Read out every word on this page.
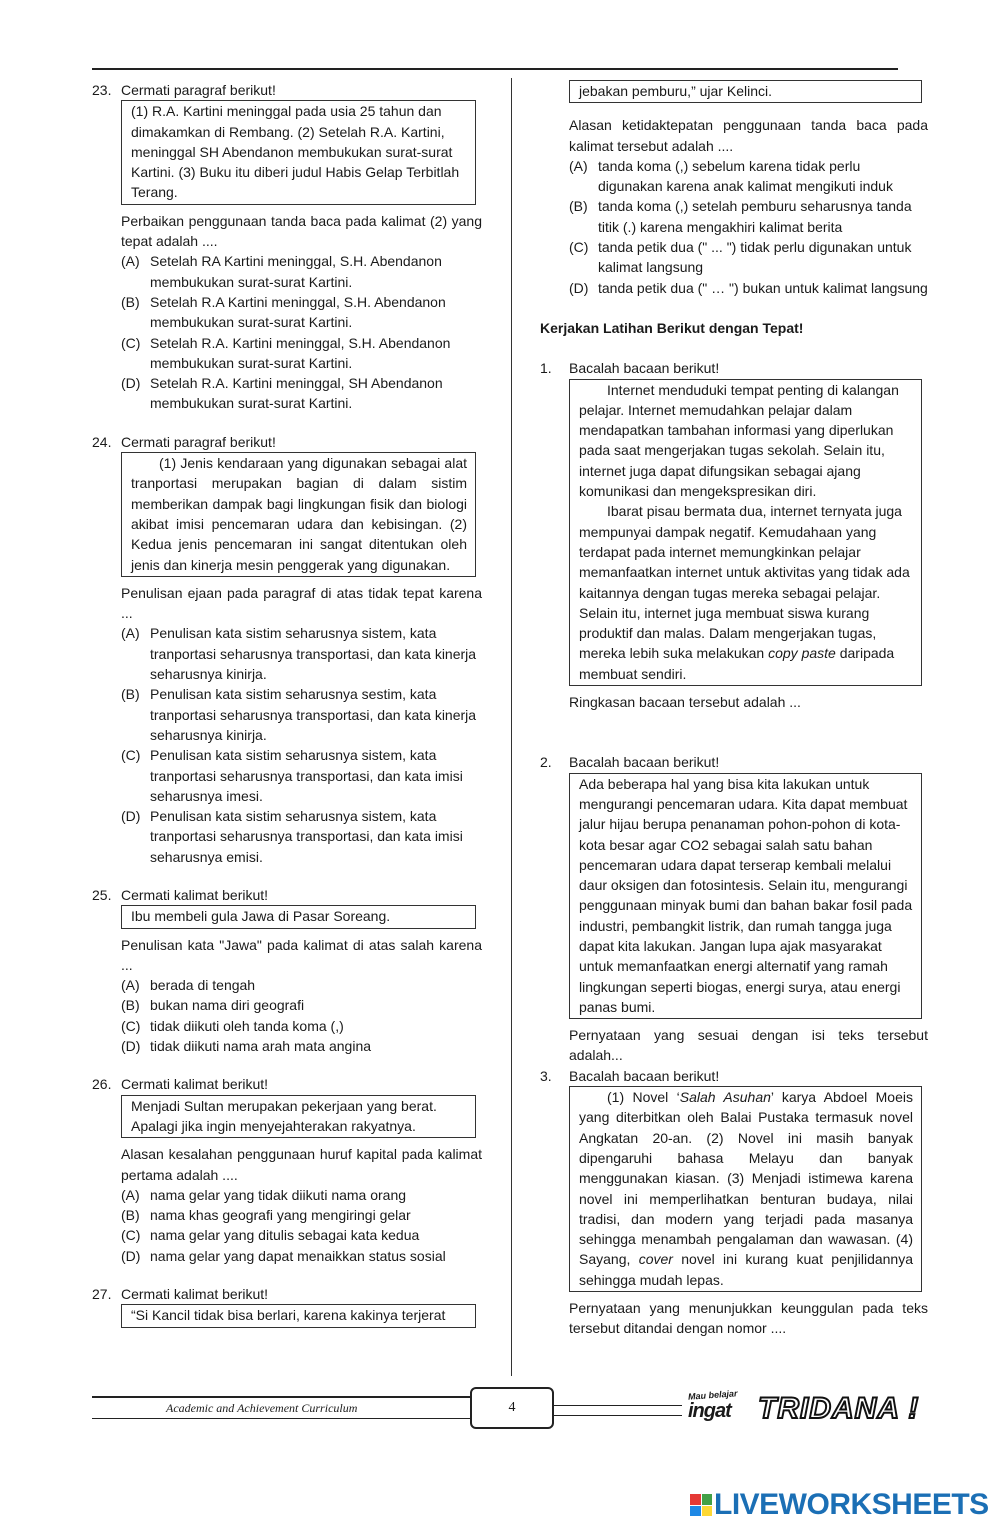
23. Cermati paragraf berikut!

(1) R.A. Kartini meninggal pada usia 25 tahun dan dimakamkan di Rembang. (2) Setelah R.A. Kartini, meninggal SH Abendanon membukukan surat-surat Kartini. (3) Buku itu diberi judul Habis Gelap Terbitlah Terang.

Perbaikan penggunaan tanda baca pada kalimat (2) yang tepat adalah ....

(A) Setelah RA Kartini meninggal, S.H. Abendanon membukukan surat-surat Kartini.
(B) Setelah R.A Kartini meninggal, S.H. Abendanon membukukan surat-surat Kartini.
(C) Setelah R.A. Kartini meninggal, S.H. Abendanon membukukan surat-surat Kartini.
(D) Setelah R.A. Kartini meninggal, SH Abendanon membukukan surat-surat Kartini.
24. Cermati paragraf berikut!

(1) Jenis kendaraan yang digunakan sebagai alat tranportasi merupakan bagian di dalam sistim memberikan dampak bagi lingkungan fisik dan biologi akibat imisi pencemaran udara dan kebisingan. (2) Kedua jenis pencemaran ini sangat ditentukan oleh jenis dan kinerja mesin penggerak yang digunakan.

Penulisan ejaan pada paragraf di atas tidak tepat karena ...

(A) Penulisan kata sistim seharusnya sistem, kata tranportasi seharusnya transportasi, dan kata kinerja seharusnya kinirja.
(B) Penulisan kata sistim seharusnya sestim, kata tranportasi seharusnya transportasi, dan kata kinerja seharusnya kinirja.
(C) Penulisan kata sistim seharusnya sistem, kata tranportasi seharusnya transportasi, dan kata imisi seharusnya imesi.
(D) Penulisan kata sistim seharusnya sistem, kata tranportasi seharusnya transportasi, dan kata imisi seharusnya emisi.
25. Cermati kalimat berikut!

Ibu membeli gula Jawa di Pasar Soreang.

Penulisan kata "Jawa" pada kalimat di atas salah karena ...

(A) berada di tengah
(B) bukan nama diri geografi
(C) tidak diikuti oleh tanda koma (,)
(D) tidak diikuti nama arah mata angina
26. Cermati kalimat berikut!

Menjadi Sultan merupakan pekerjaan yang berat. Apalagi jika ingin menyejahterakan rakyatnya.

Alasan kesalahan penggunaan huruf kapital pada kalimat pertama adalah ....

(A) nama gelar yang tidak diikuti nama orang
(B) nama khas geografi yang mengiringi gelar
(C) nama gelar yang ditulis sebagai kata kedua
(D) nama gelar yang dapat menaikkan status sosial
27. Cermati kalimat berikut!

“Si Kancil tidak bisa berlari, karena kakinya terjerat

jebakan pemburu,” ujar Kelinci.

Alasan ketidaktepatan penggunaan tanda baca pada kalimat tersebut adalah ....

(A) tanda koma (,) sebelum karena tidak perlu digunakan karena anak kalimat mengikuti induk
(B) tanda koma (,) setelah pemburu seharusnya tanda titik (.) karena mengakhiri kalimat berita
(C) tanda petik dua (" ... ") tidak perlu digunakan untuk kalimat langsung
(D) tanda petik dua (" … ") bukan untuk kalimat langsung

Kerjakan Latihan Berikut dengan Tepat!

1.	Bacalah bacaan berikut!

Internet menduduki tempat penting di kalangan pelajar. Internet memudahkan pelajar dalam mendapatkan tambahan informasi yang diperlukan pada saat mengerjakan tugas sekolah. Selain itu, internet juga dapat difungsikan sebagai ajang komunikasi dan mengekspresikan diri.

Ibarat pisau bermata dua, internet ternyata juga mempunyai dampak negatif. Kemudahaan yang terdapat pada internet memungkinkan pelajar memanfaatkan internet untuk aktivitas yang tidak ada kaitannya dengan tugas mereka sebagai pelajar. Selain itu, internet juga membuat siswa kurang produktif dan malas. Dalam mengerjakan tugas, mereka lebih suka melakukan copy paste daripada membuat sendiri.

Ringkasan bacaan tersebut adalah ...

2.	Bacalah bacaan berikut!

Ada beberapa hal yang bisa kita lakukan untuk mengurangi pencemaran udara. Kita dapat membuat jalur hijau berupa penanaman pohon-pohon di kota-kota besar agar CO2 sebagai salah satu bahan pencemaran udara dapat terserap kembali melalui daur oksigen dan fotosintesis. Selain itu, mengurangi penggunaan minyak bumi dan bahan bakar fosil pada industri, pembangkit listrik, dan rumah tangga juga dapat kita lakukan. Jangan lupa ajak masyarakat untuk memanfaatkan energi alternatif yang ramah lingkungan seperti biogas, energi surya, atau energi panas bumi.

Pernyataan yang sesuai dengan isi teks tersebut adalah...

3.	Bacalah bacaan berikut!

(1) Novel ‘Salah Asuhan’ karya Abdoel Moeis yang diterbitkan oleh Balai Pustaka termasuk novel Angkatan 20-an. (2) Novel ini masih banyak dipengaruhi bahasa Melayu dan banyak menggunakan kiasan. (3) Menjadi istimewa karena novel ini memperlihatkan benturan budaya, nilai tradisi, dan modern yang terjadi pada masanya sehingga menambah pengalaman dan wawasan. (4) Sayang, cover novel ini kurang kuat penjilidannya sehingga mudah lepas.

Pernyataan yang menunjukkan keunggulan pada teks tersebut ditandai dengan nomor ....

Academic and Achievement Curriculum	4
Mau belajar
ingat TRIDANA !
LIVEWORKSHEETS
